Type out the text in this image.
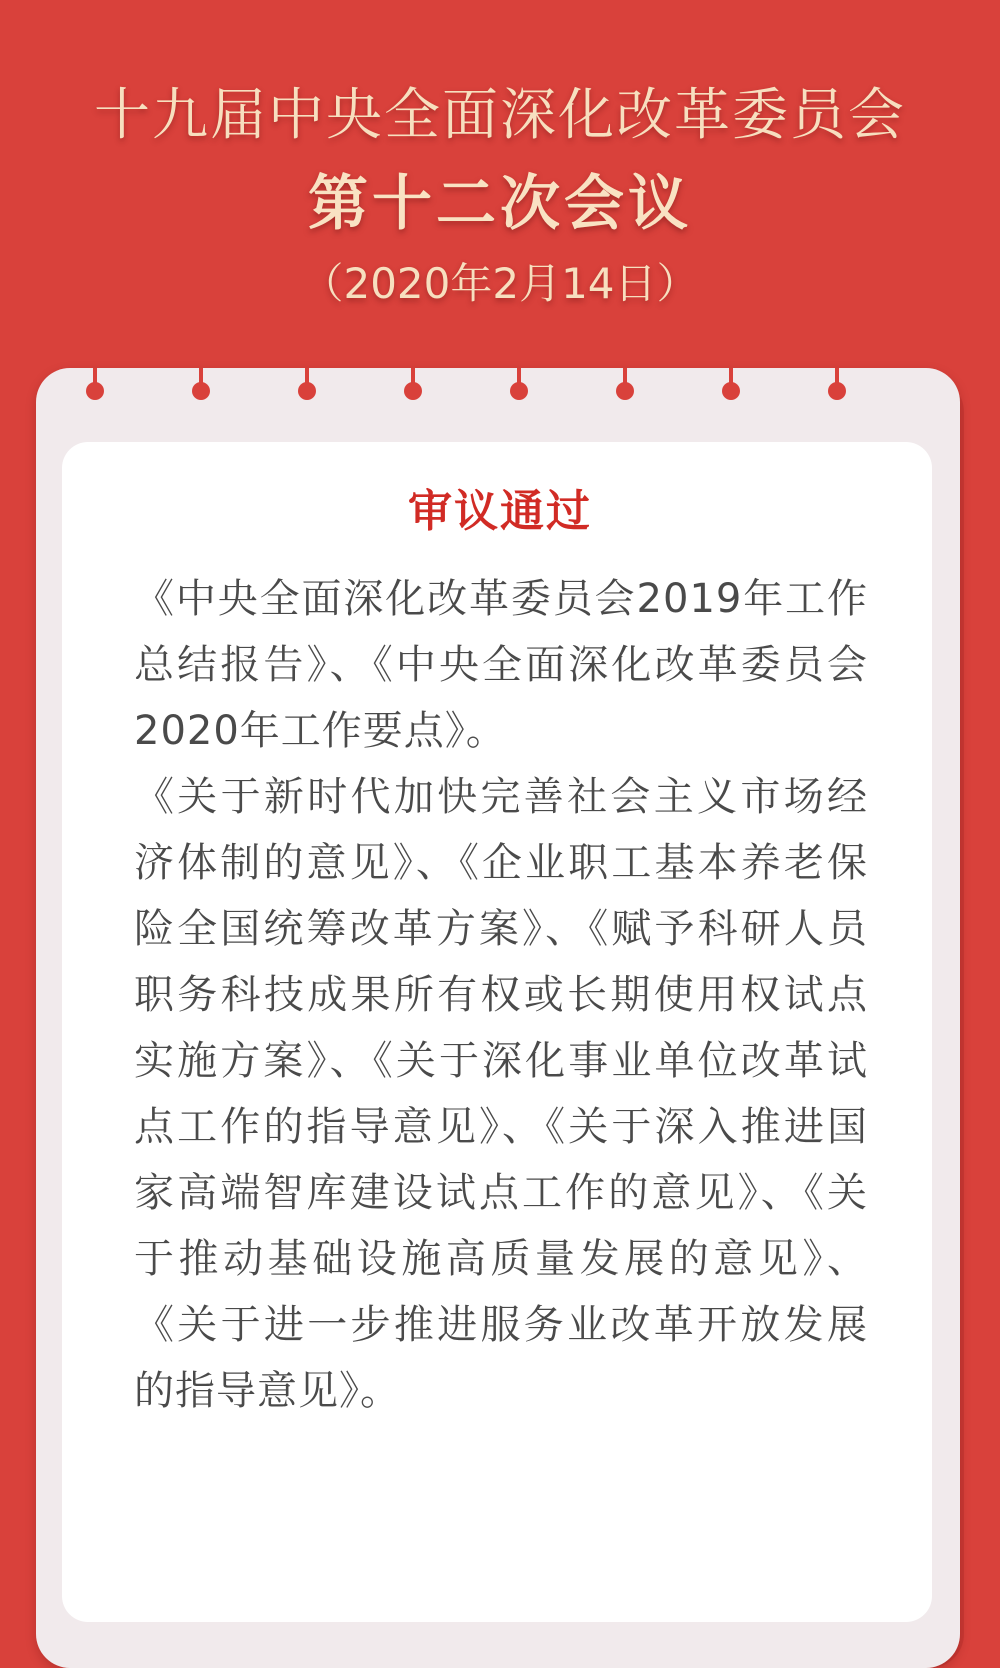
十九届中央全面深化改革委员会
第十二次会议
（2020年2月14日）
审议通过

《中央全面深化改革委员会2019年工作总结报告》、《中央全面深化改革委员会2020年工作要点》。

《关于新时代加快完善社会主义市场经济体制的意见》、《企业职工基本养老保险全国统筹改革方案》、《赋予科研人员职务科技成果所有权或长期使用权试点实施方案》、《关于深化事业单位改革试点工作的指导意见》、《关于深入推进国家高端智库建设试点工作的意见》、《关于推动基础设施高质量发展的意见》、《关于进一步推进服务业改革开放发展的指导意见》。
